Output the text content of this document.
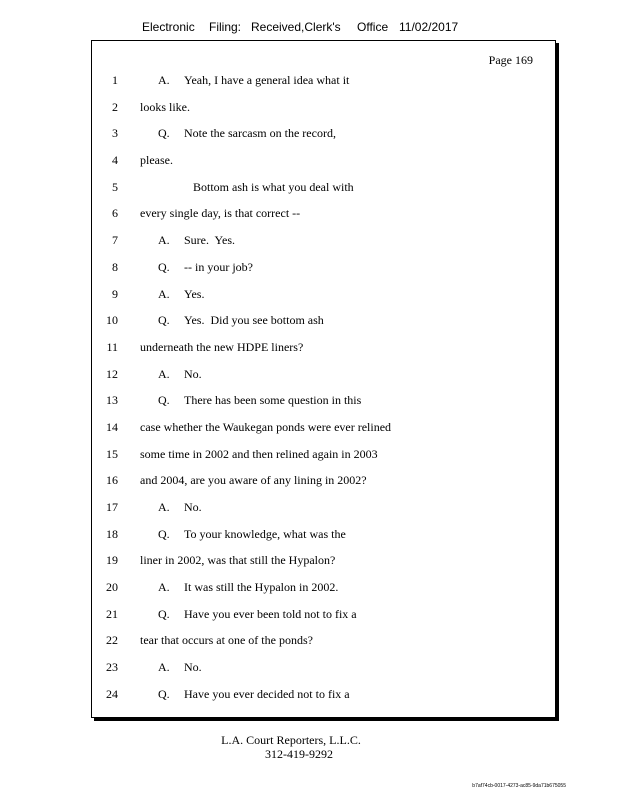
Electronic

Filing:

Received,Clerk's

Office

11/02/2017

Page 169
1	A. Yeah, I have a general idea what it
2 looks like.
3	Q. Note the sarcasm on the record,
4 please.
5	Bottom ash is what you deal with
6 every single day, is that correct --
7	A. Sure.  Yes.
8	Q. -- in your job?
9	A. Yes.
10	Q. Yes.  Did you see bottom ash
11 underneath the new HDPE liners?
12	A. No.
13	Q. There has been some question in this
14 case whether the Waukegan ponds were ever relined
15 some time in 2002 and then relined again in 2003
16 and 2004, are you aware of any lining in 2002?
17	A. No.
18	Q. To your knowledge, what was the
19 liner in 2002, was that still the Hypalon?
20	A. It was still the Hypalon in 2002.
21	Q. Have you ever been told not to fix a
22 tear that occurs at one of the ponds?
23	A. No.
24	Q. Have you ever decided not to fix a
L.A. Court Reporters, L.L.C.
312-419-9292
b7af74cb-0017-4273-ac85-9da71b675055
